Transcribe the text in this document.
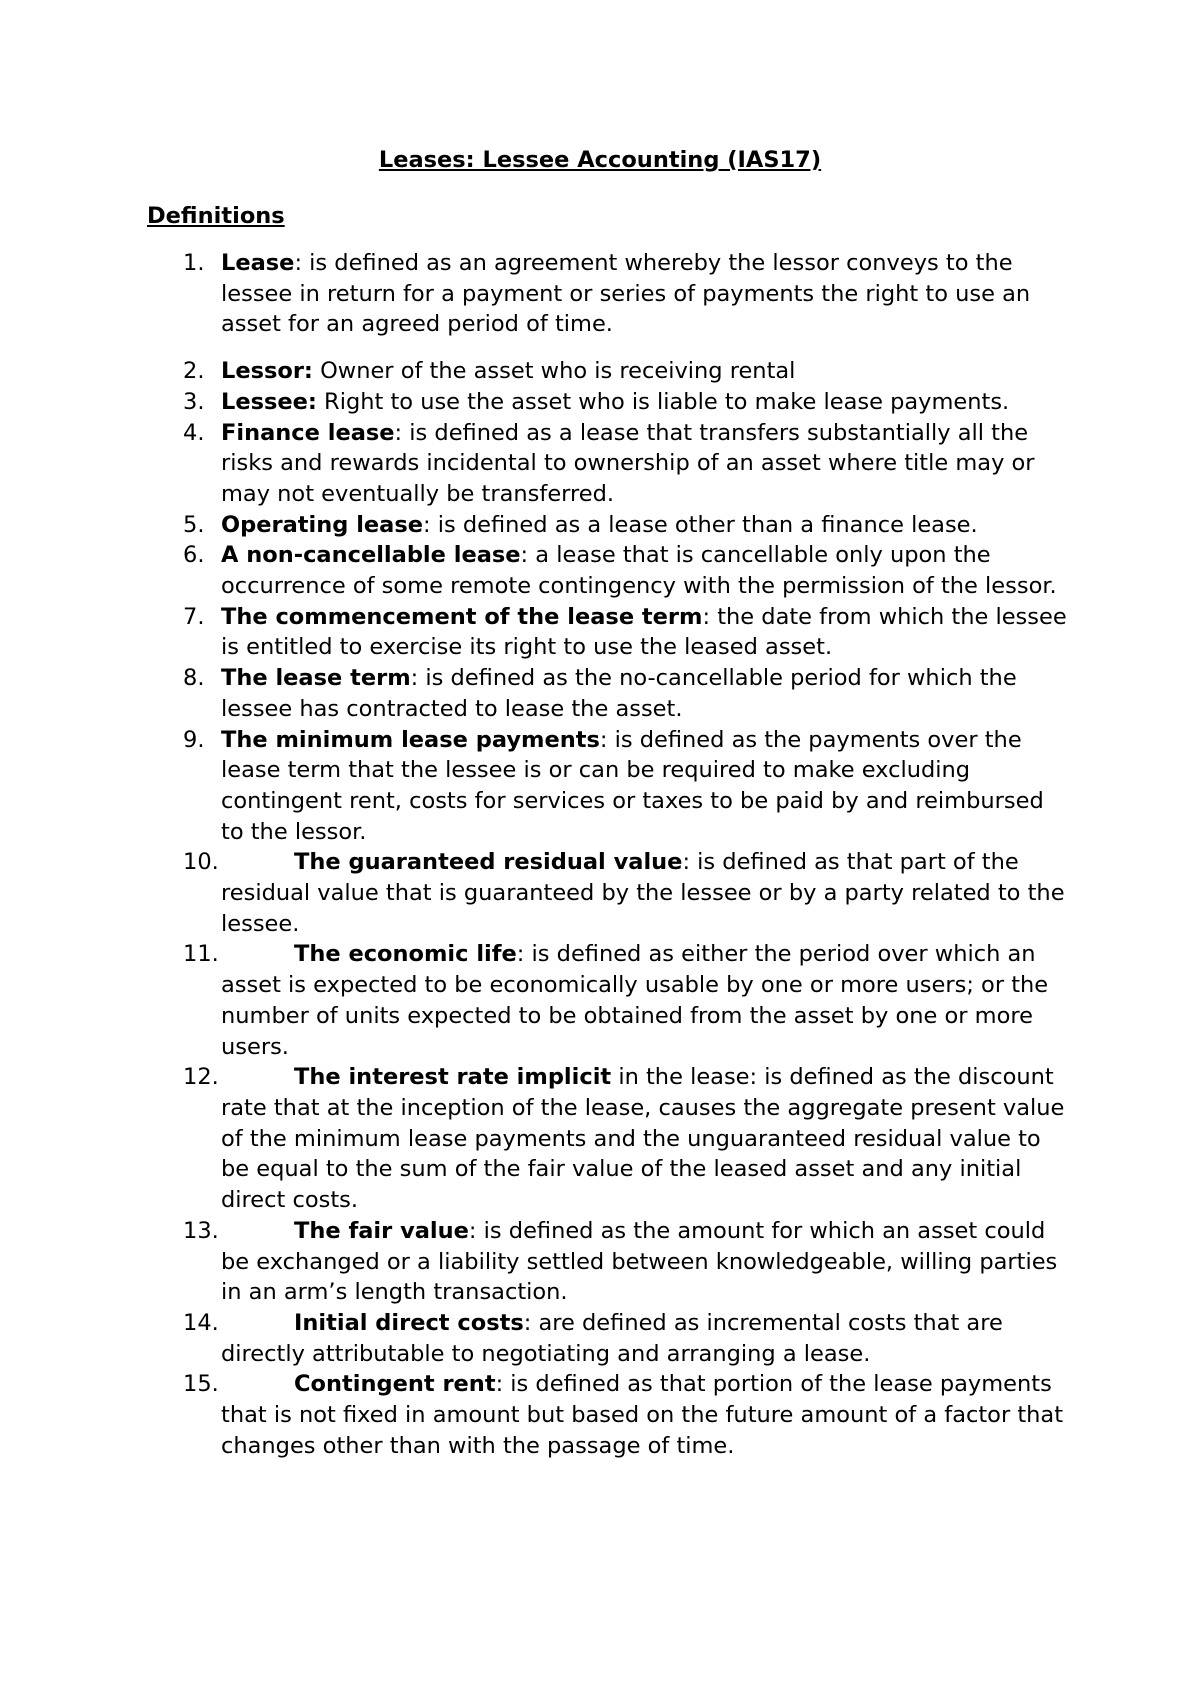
Leases: Lessee Accounting (IAS17)
Definitions
1. Lease: is defined as an agreement whereby the lessor conveys to the lessee in return for a payment or series of payments the right to use an asset for an agreed period of time.
2. Lessor: Owner of the asset who is receiving rental
3. Lessee: Right to use the asset who is liable to make lease payments.
4. Finance lease: is defined as a lease that transfers substantially all the risks and rewards incidental to ownership of an asset where title may or may not eventually be transferred.
5. Operating lease: is defined as a lease other than a finance lease.
6. A non-cancellable lease: a lease that is cancellable only upon the occurrence of some remote contingency with the permission of the lessor.
7. The commencement of the lease term: the date from which the lessee is entitled to exercise its right to use the leased asset.
8. The lease term: is defined as the no-cancellable period for which the lessee has contracted to lease the asset.
9. The minimum lease payments: is defined as the payments over the lease term that the lessee is or can be required to make excluding contingent rent, costs for services or taxes to be paid by and reimbursed to the lessor.
10.	The guaranteed residual value: is defined as that part of the residual value that is guaranteed by the lessee or by a party related to the lessee.
11.	The economic life: is defined as either the period over which an asset is expected to be economically usable by one or more users; or the number of units expected to be obtained from the asset by one or more users.
12.	The interest rate implicit in the lease: is defined as the discount rate that at the inception of the lease, causes the aggregate present value of the minimum lease payments and the unguaranteed residual value to be equal to the sum of the fair value of the leased asset and any initial direct costs.
13.	The fair value: is defined as the amount for which an asset could be exchanged or a liability settled between knowledgeable, willing parties in an arm’s length transaction.
14.	Initial direct costs: are defined as incremental costs that are directly attributable to negotiating and arranging a lease.
15.	Contingent rent: is defined as that portion of the lease payments that is not fixed in amount but based on the future amount of a factor that changes other than with the passage of time.
